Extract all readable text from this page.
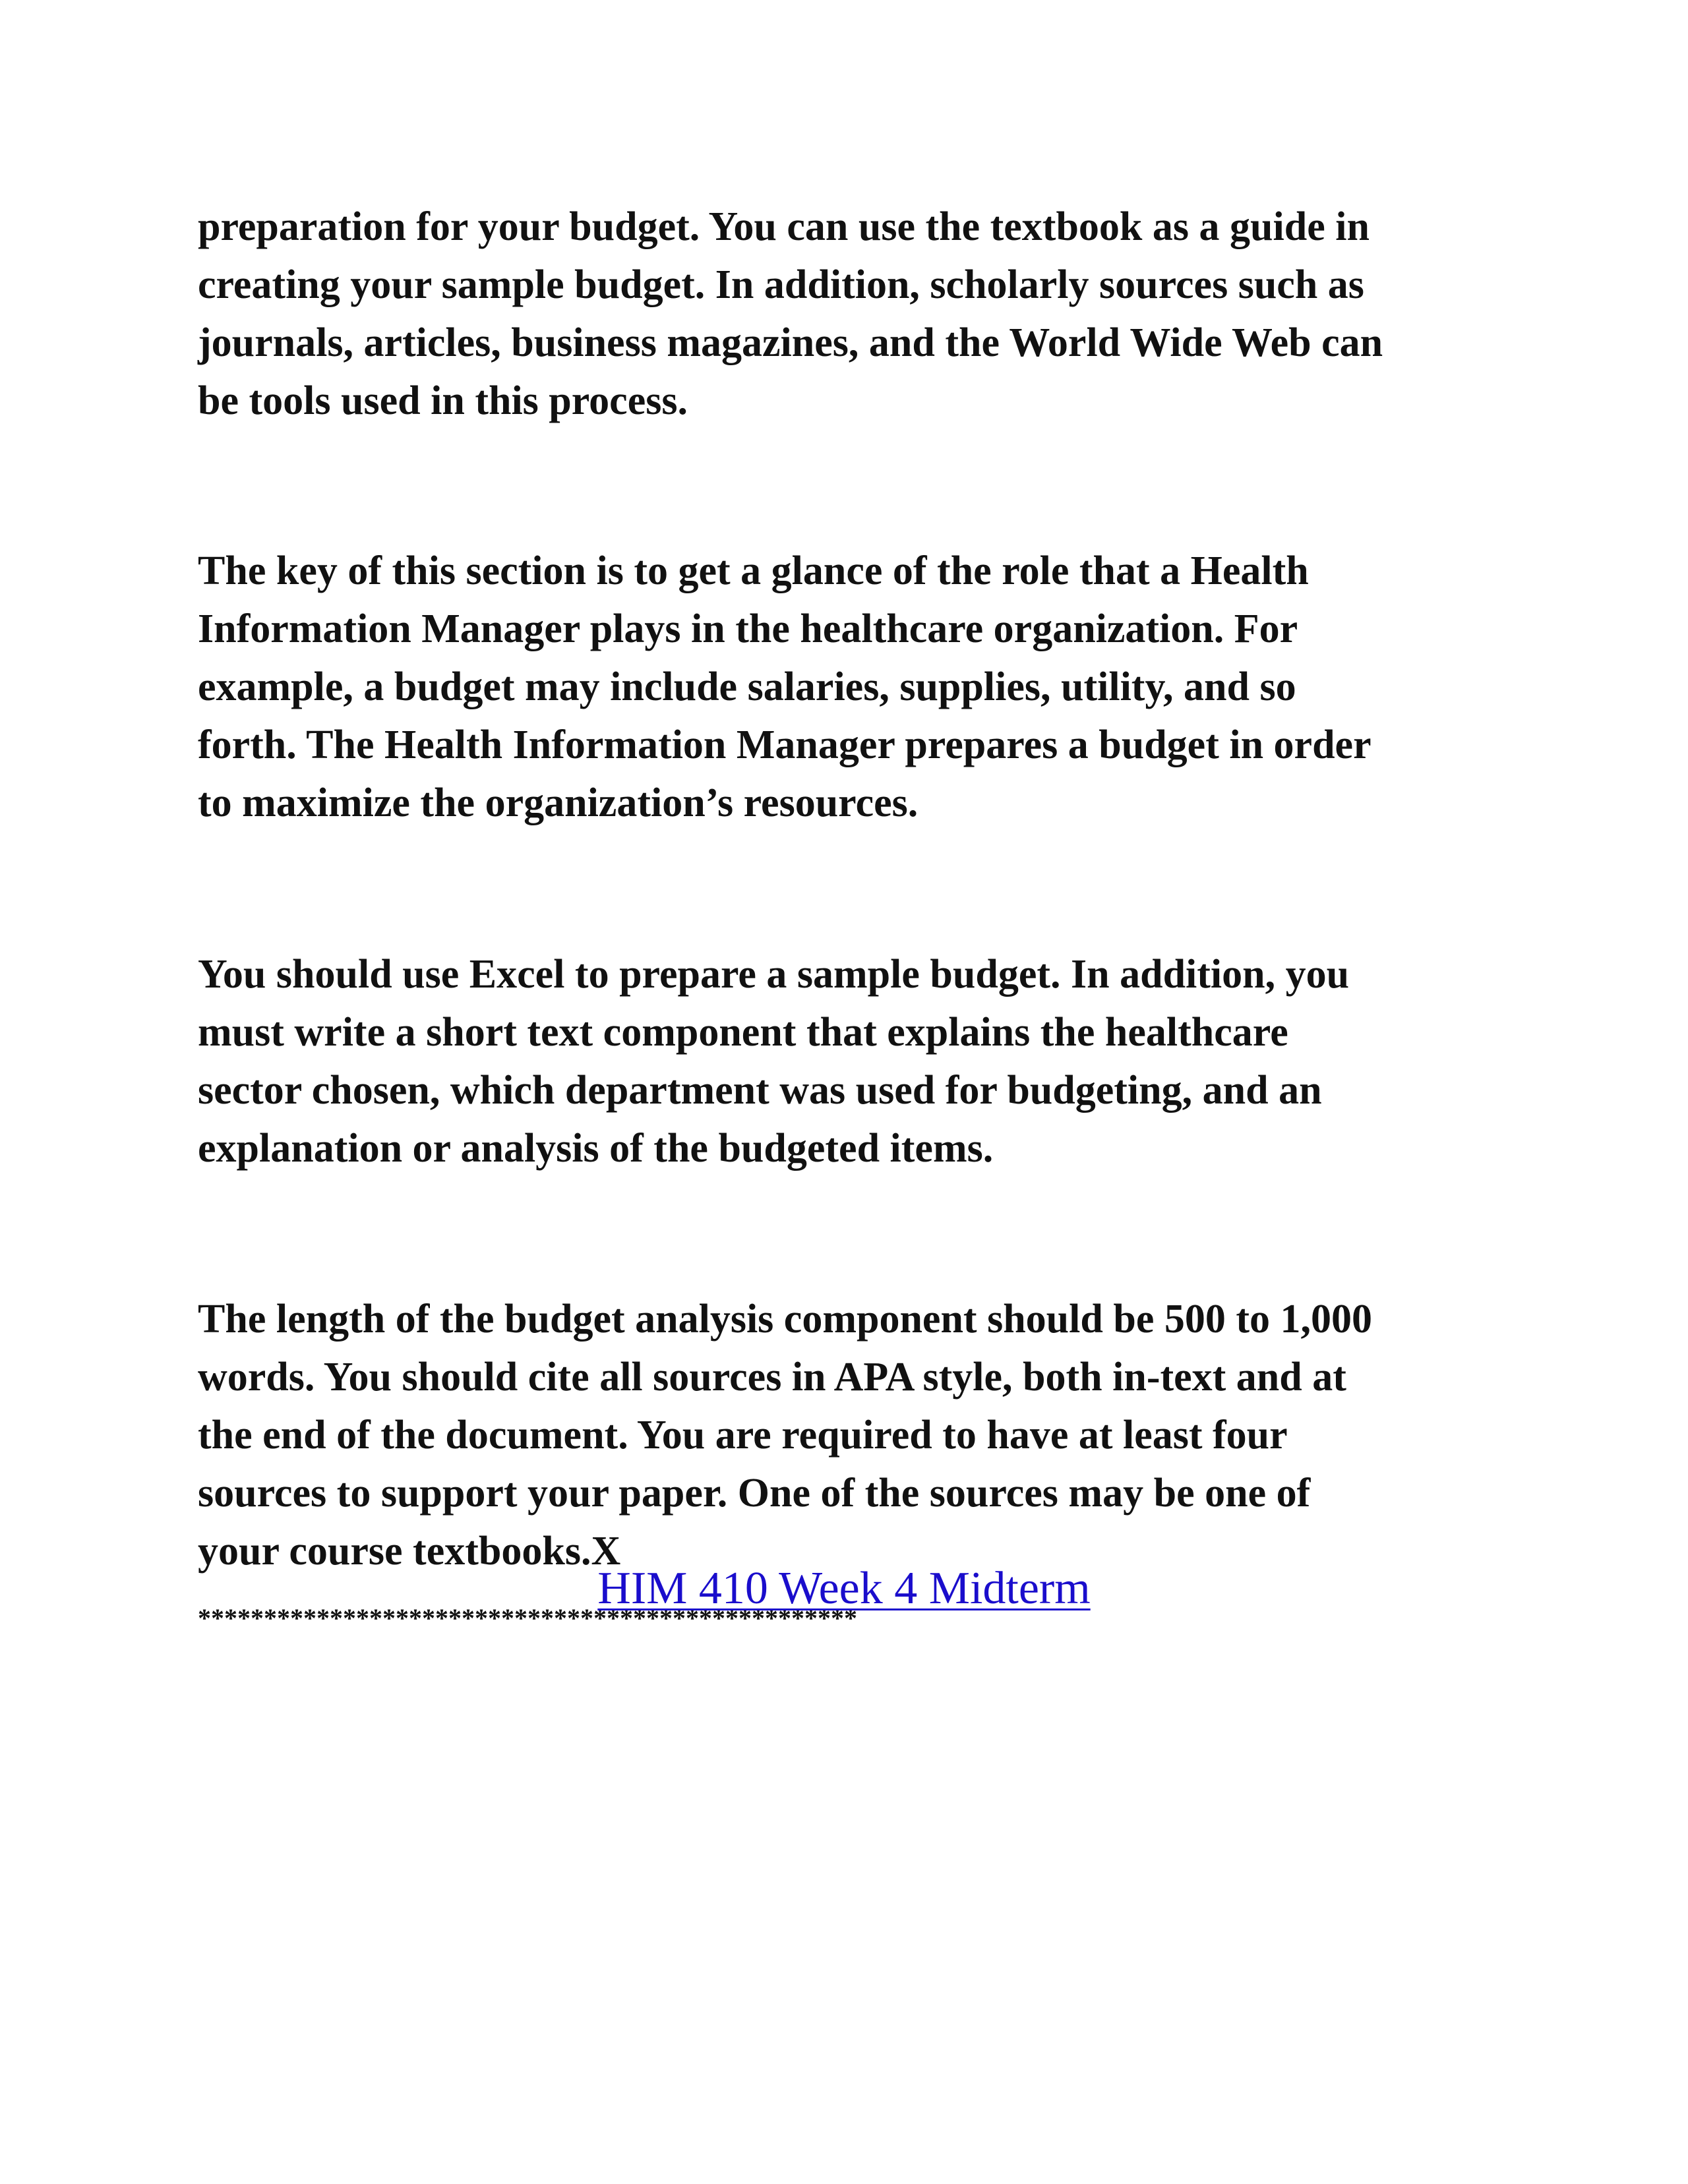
preparation for your budget. You can use the textbook as a guide in
creating your sample budget. In addition, scholarly sources such as
journals, articles, business magazines, and the World Wide Web can
be tools used in this process.

The key of this section is to get a glance of the role that a Health
Information Manager plays in the healthcare organization. For
example, a budget may include salaries, supplies, utility, and so
forth. The Health Information Manager prepares a budget in order
to maximize the organization’s resources.

You should use Excel to prepare a sample budget. In addition, you
must write a short text component that explains the healthcare
sector chosen, which department was used for budgeting, and an
explanation or analysis of the budgeted items.

The length of the budget analysis component should be 500 to 1,000
words. You should cite all sources in APA style, both in-text and at
the end of the document. You are required to have at least four
sources to support your paper. One of the sources may be one of
your course textbooks.X

**************************************************
HIM 410 Week 4 Midterm
